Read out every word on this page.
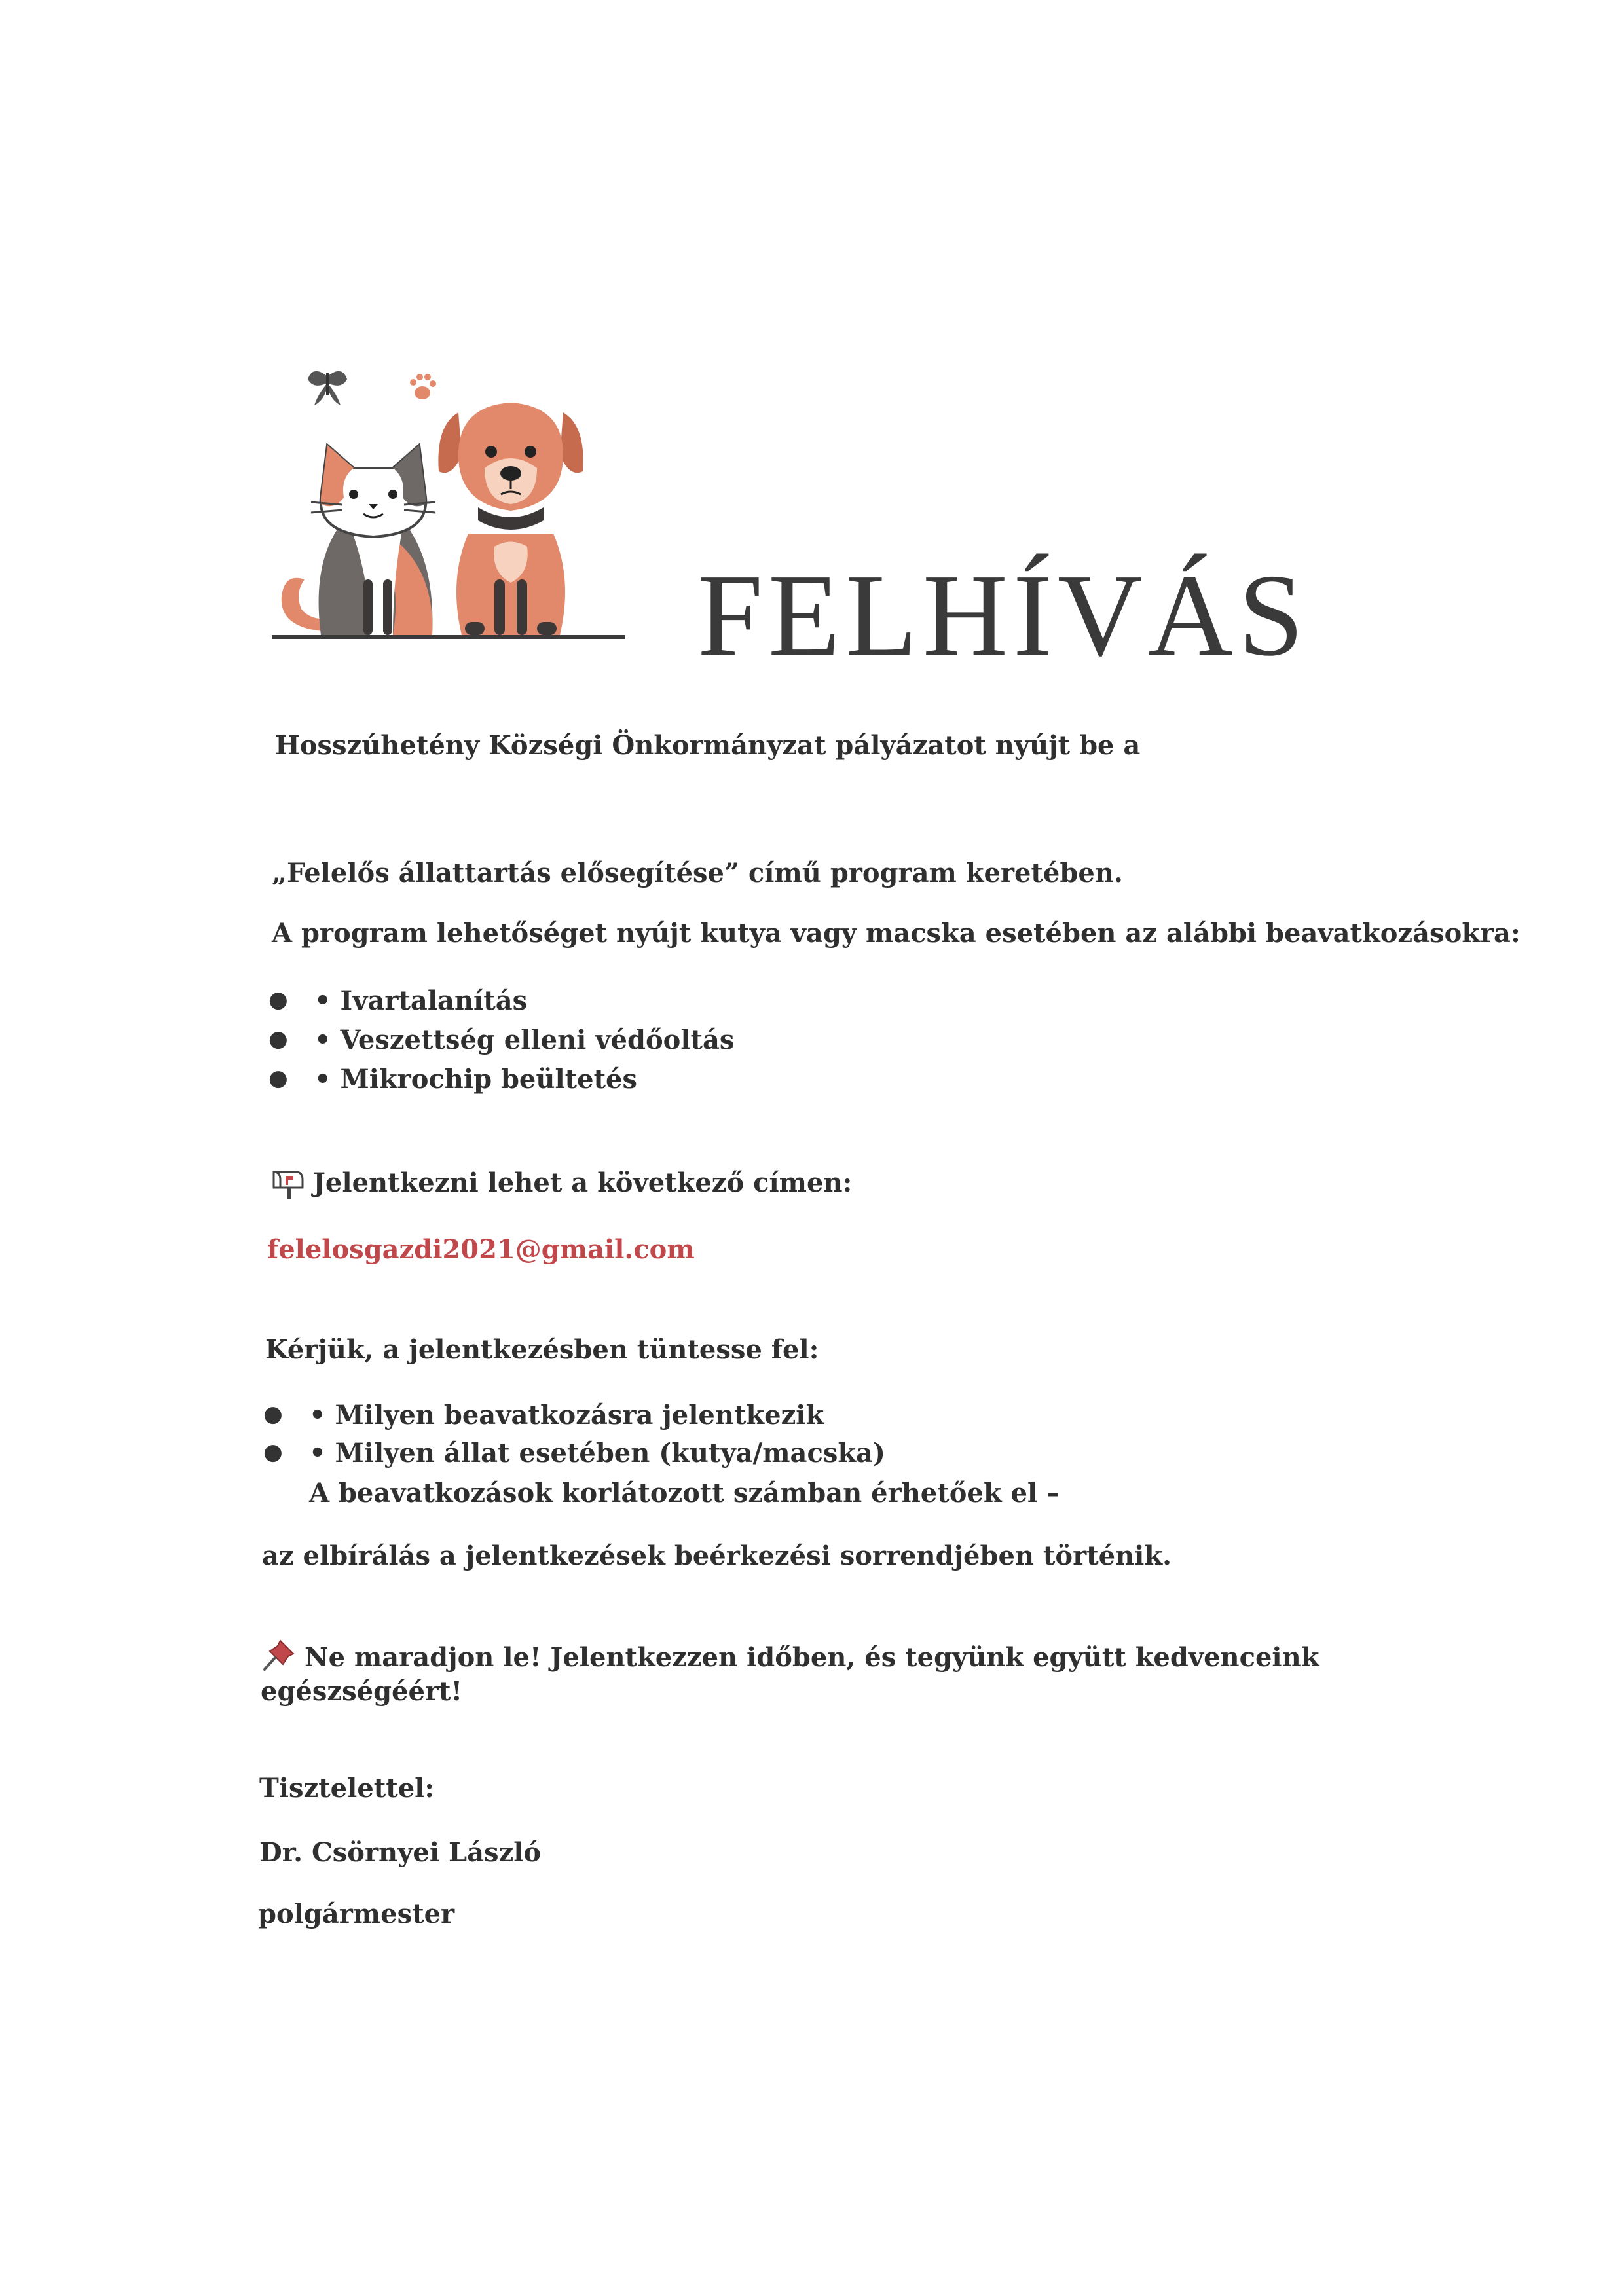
FELHÍVÁS
Hosszúhetény Községi Önkormányzat pályázatot nyújt be a
„Felelős állattartás elősegítése” című program keretében.
A program lehetőséget nyújt kutya vagy macska esetében az alábbi beavatkozásokra:
● • Ivartalanítás
● • Veszettség elleni védőoltás
● • Mikrochip beültetés
Jelentkezni lehet a következő címen:
felelosgazdi2021@gmail.com
Kérjük, a jelentkezésben tüntesse fel:
● • Milyen beavatkozásra jelentkezik
● • Milyen állat esetében (kutya/macska)
A beavatkozások korlátozott számban érhetőek el –
az elbírálás a jelentkezések beérkezési sorrendjében történik.
Ne maradjon le! Jelentkezzen időben, és tegyünk együtt kedvenceink
egészségéért!
Tisztelettel:
Dr. Csörnyei László
polgármester
